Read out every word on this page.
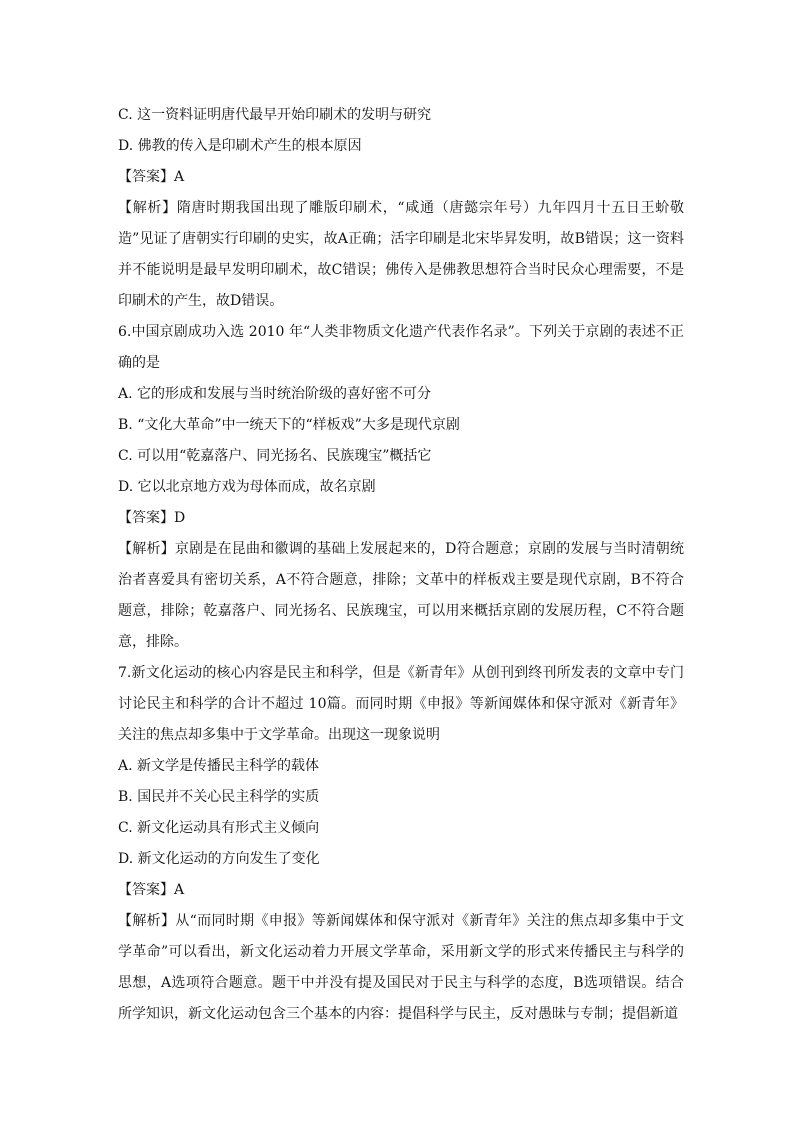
C. 这一资料证明唐代最早开始印刷术的发明与研究
D. 佛教的传入是印刷术产生的根本原因
【答案】A
【解析】隋唐时期我国出现了雕版印刷术，“咸通（唐懿宗年号）九年四月十五日王蚧敬造”见证了唐朝实行印刷的史实，故A正确；活字印刷是北宋毕昇发明，故B错误；这一资料并不能说明是最早发明印刷术，故C错误；佛传入是佛教思想符合当时民众心理需要，不是印刷术的产生，故D错误。
6.中国京剧成功入选 2010 年“人类非物质文化遗产代表作名录”。下列关于京剧的表述不正确的是
A. 它的形成和发展与当时统治阶级的喜好密不可分
B. “文化大革命”中一统天下的“样板戏”大多是现代京剧
C. 可以用“乾嘉落户、同光扬名、民族瑰宝”概括它
D. 它以北京地方戏为母体而成，故名京剧
【答案】D
【解析】京剧是在昆曲和徽调的基础上发展起来的，D符合题意；京剧的发展与当时清朝统治者喜爱具有密切关系，A不符合题意，排除；文革中的样板戏主要是现代京剧，B不符合题意，排除；乾嘉落户、同光扬名、民族瑰宝，可以用来概括京剧的发展历程，C不符合题意，排除。
7.新文化运动的核心内容是民主和科学，但是《新青年》从创刊到终刊所发表的文章中专门讨论民主和科学的合计不超过 10篇。而同时期《申报》等新闻媒体和保守派对《新青年》关注的焦点却多集中于文学革命。出现这一现象说明
A. 新文学是传播民主科学的载体
B. 国民并不关心民主科学的实质
C. 新文化运动具有形式主义倾向
D. 新文化运动的方向发生了变化
【答案】A
【解析】从“而同时期《申报》等新闻媒体和保守派对《新青年》关注的焦点却多集中于文学革命”可以看出，新文化运动着力开展文学革命，采用新文学的形式来传播民主与科学的思想，A选项符合题意。题干中并没有提及国民对于民主与科学的态度，B选项错误。结合所学知识，新文化运动包含三个基本的内容：提倡科学与民主，反对愚昧与专制；提倡新道
